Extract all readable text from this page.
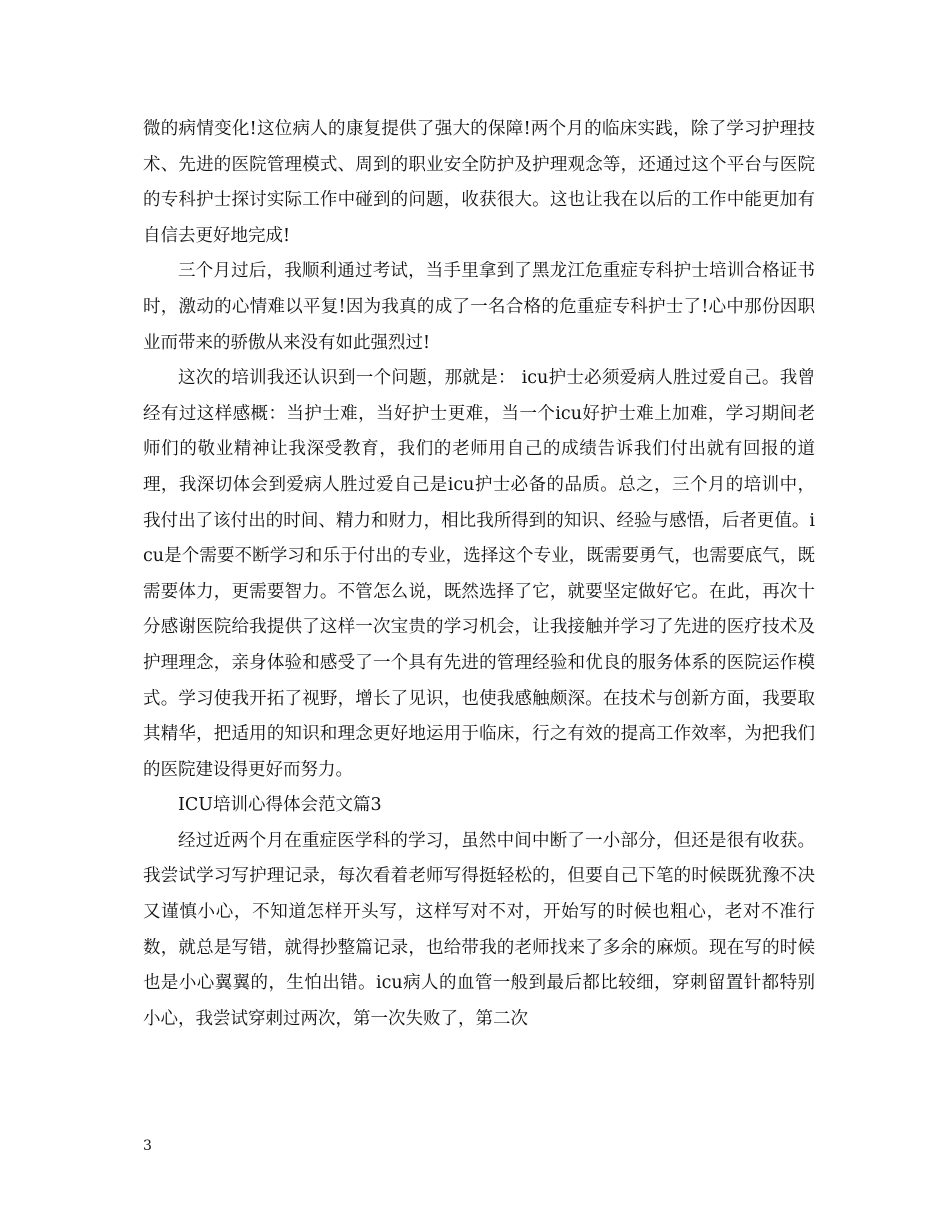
微的病情变化!这位病人的康复提供了强大的保障!两个月的临床实践，除了学习护理技术、先进的医院管理模式、周到的职业安全防护及护理观念等，还通过这个平台与医院的专科护士探讨实际工作中碰到的问题，收获很大。这也让我在以后的工作中能更加有自信去更好地完成!

三个月过后，我顺利通过考试，当手里拿到了黑龙江危重症专科护士培训合格证书时，激动的心情难以平复!因为我真的成了一名合格的危重症专科护士了!心中那份因职业而带来的骄傲从来没有如此强烈过!

这次的培训我还认识到一个问题，那就是： icu护士必须爱病人胜过爱自己。我曾经有过这样感概：当护士难，当好护士更难，当一个icu好护士难上加难，学习期间老师们的敬业精神让我深受教育，我们的老师用自己的成绩告诉我们付出就有回报的道理，我深切体会到爱病人胜过爱自己是icu护士必备的品质。总之，三个月的培训中，我付出了该付出的时间、精力和财力，相比我所得到的知识、经验与感悟，后者更值。icu是个需要不断学习和乐于付出的专业，选择这个专业，既需要勇气，也需要底气，既需要体力，更需要智力。不管怎么说，既然选择了它，就要坚定做好它。在此，再次十分感谢医院给我提供了这样一次宝贵的学习机会，让我接触并学习了先进的医疗技术及护理理念，亲身体验和感受了一个具有先进的管理经验和优良的服务体系的医院运作模式。学习使我开拓了视野，增长了见识，也使我感触颇深。在技术与创新方面，我要取其精华，把适用的知识和理念更好地运用于临床，行之有效的提高工作效率，为把我们的医院建设得更好而努力。

ICU培训心得体会范文篇3

经过近两个月在重症医学科的学习，虽然中间中断了一小部分，但还是很有收获。我尝试学习写护理记录，每次看着老师写得挺轻松的，但要自己下笔的时候既犹豫不决又谨慎小心，不知道怎样开头写，这样写对不对，开始写的时候也粗心，老对不准行数，就总是写错，就得抄整篇记录，也给带我的老师找来了多余的麻烦。现在写的时候也是小心翼翼的，生怕出错。icu病人的血管一般到最后都比较细，穿刺留置针都特别小心，我尝试穿刺过两次，第一次失败了，第二次

3
